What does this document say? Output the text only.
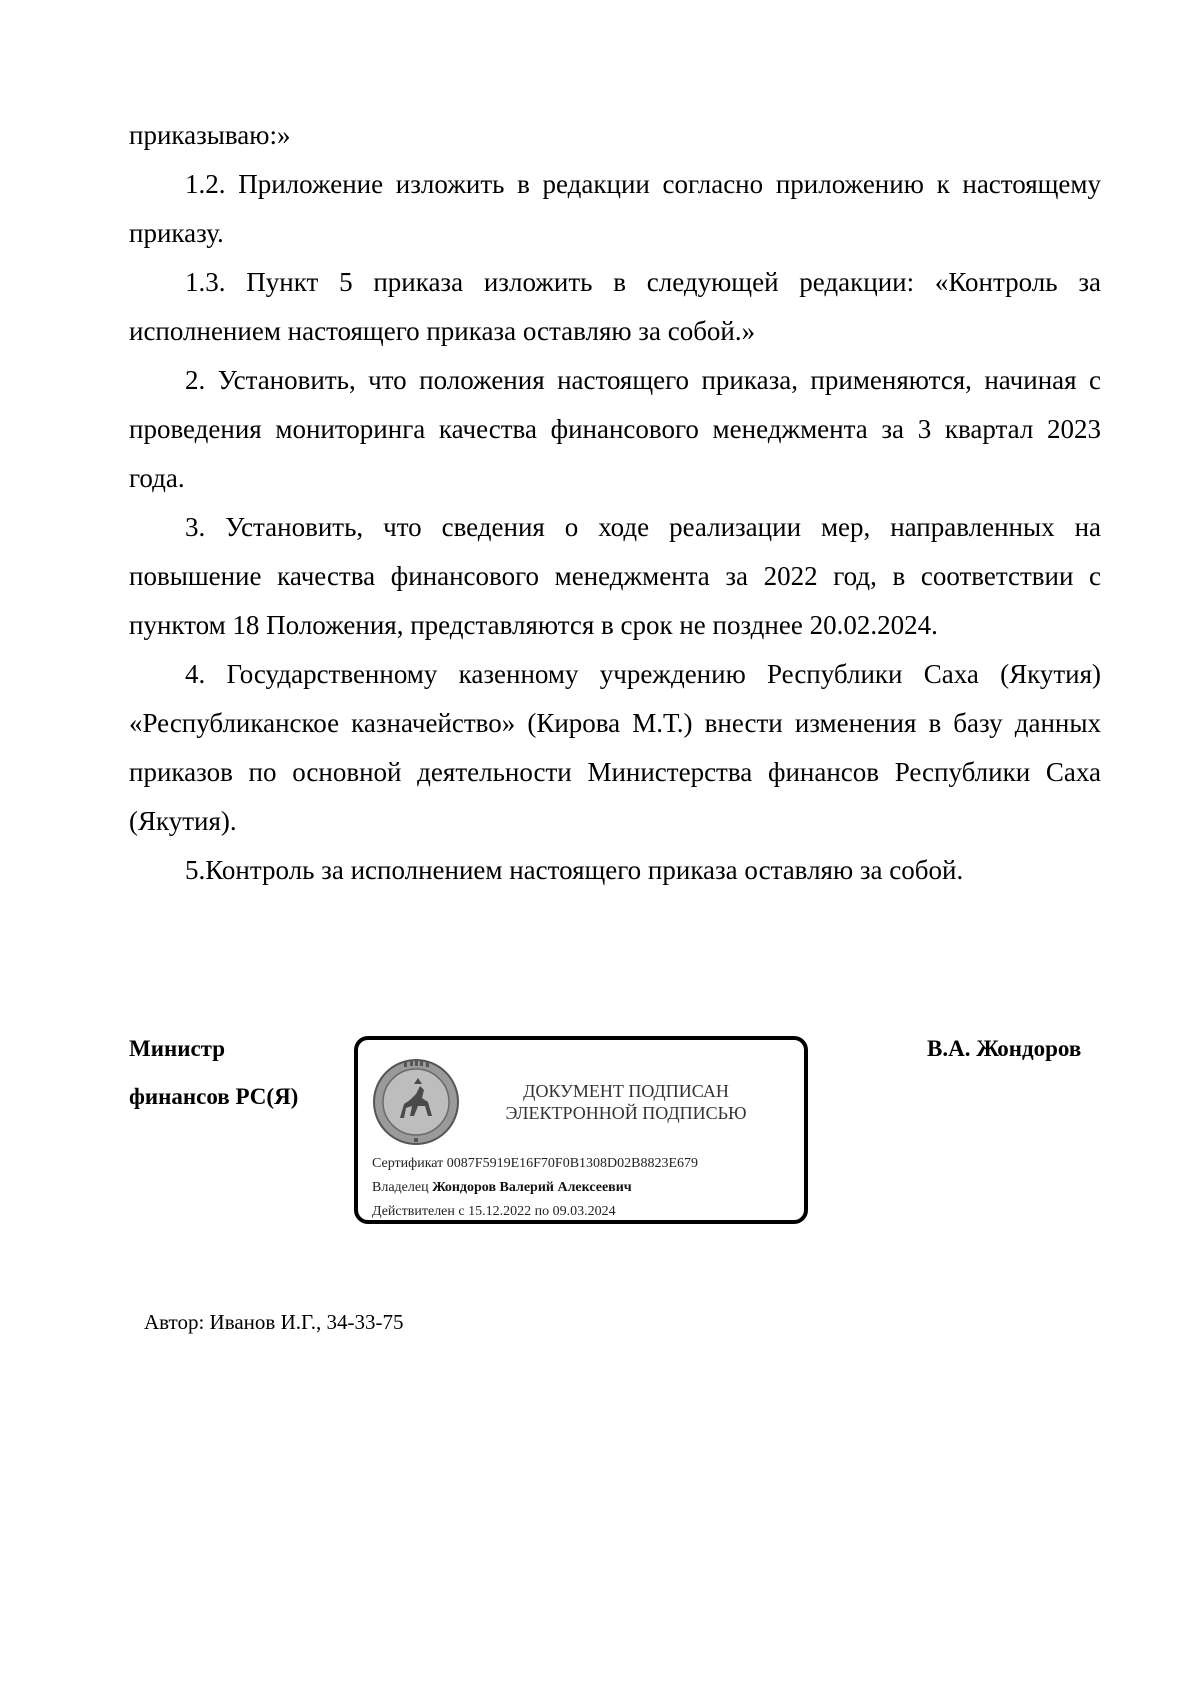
приказываю:»

1.2. Приложение изложить в редакции согласно приложению к настоящему приказу.

1.3. Пункт 5 приказа изложить в следующей редакции: «Контроль за исполнением настоящего приказа оставляю за собой.»

2. Установить, что положения настоящего приказа, применяются, начиная с проведения мониторинга качества финансового менеджмента за 3 квартал 2023 года.

3. Установить, что сведения о ходе реализации мер, направленных на повышение качества финансового менеджмента за 2022 год, в соответствии с пунктом 18 Положения, представляются в срок не позднее 20.02.2024.

4. Государственному казенному учреждению Республики Саха (Якутия) «Республиканское казначейство» (Кирова М.Т.) внести изменения в базу данных приказов по основной деятельности Министерства финансов Республики Саха (Якутия).

5.Контроль за исполнением настоящего приказа оставляю за собой.

Министр
финансов РС(Я)
В.А. Жондоров
ДОКУМЕНТ ПОДПИСАН
ЭЛЕКТРОННОЙ ПОДПИСЬЮ
Сертификат 0087F5919E16F70F0B1308D02B8823E679
Владелец Жондоров Валерий Алексеевич
Действителен с 15.12.2022 по 09.03.2024
Автор: Иванов И.Г., 34-33-75
